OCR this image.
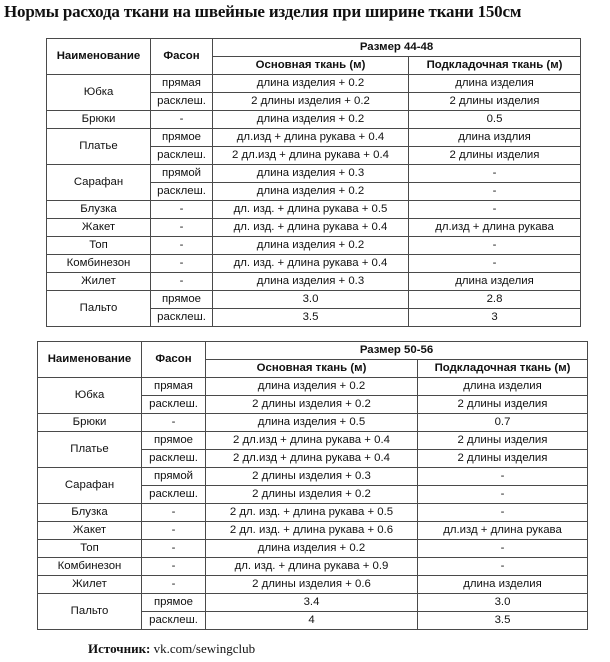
Нормы расхода ткани на швейные изделия при ширине ткани 150см
Наименование	Фасон	Размер 44-48	
		Основная ткань (м)	Подкладочная ткань (м)
Юбка	прямая	длина изделия + 0.2	длина изделия
	расклеш.	2 длины изделия + 0.2	2 длины изделия
Брюки	-	длина изделия + 0.2	0.5
Платье	прямое	дл.изд + длина рукава + 0.4	длина издлия
	расклеш.	2 дл.изд + длина рукава + 0.4	2 длины изделия
Сарафан	прямой	длина изделия + 0.3	-
	расклеш.	длина изделия + 0.2	-
Блузка	-	дл. изд. + длина рукава + 0.5	-
Жакет	-	дл. изд. + длина рукава + 0.4	дл.изд + длина рукава
Топ	-	длина изделия + 0.2	-
Комбинезон	-	дл. изд. + длина рукава + 0.4	-
Жилет	-	длина изделия + 0.3	длина изделия
Пальто	прямое	3.0	2.8
	расклеш.	3.5	3
Наименование	Фасон	Размер 50-56	
		Основная ткань (м)	Подкладочная ткань (м)
Юбка	прямая	длина изделия + 0.2	длина изделия
	расклеш.	2 длины изделия + 0.2	2 длины изделия
Брюки	-	длина изделия + 0.5	0.7
Платье	прямое	2 дл.изд + длина рукава + 0.4	2 длины изделия
	расклеш.	2 дл.изд + длина рукава + 0.4	2 длины изделия
Сарафан	прямой	2 длины изделия + 0.3	-
	расклеш.	2 длины изделия + 0.2	-
Блузка	-	2 дл. изд. + длина рукава + 0.5	-
Жакет	-	2 дл. изд. + длина рукава + 0.6	дл.изд + длина рукава
Топ	-	длина изделия + 0.2	-
Комбинезон	-	дл. изд. + длина рукава + 0.9	-
Жилет	-	2 длины изделия + 0.6	длина изделия
Пальто	прямое	3.4	3.0
	расклеш.	4	3.5
Источник: vk.com/sewingclub
